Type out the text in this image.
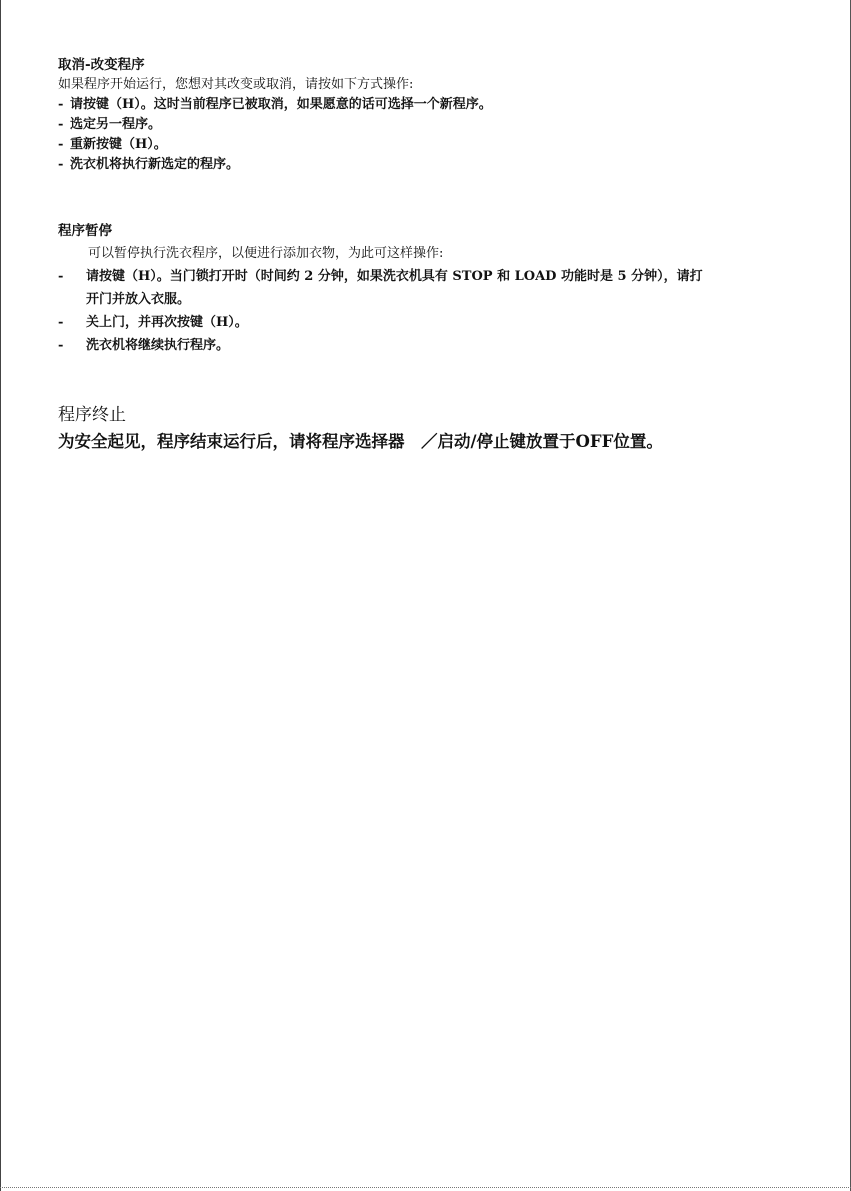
取消-改变程序

如果程序开始运行，您想对其改变或取消，请按如下方式操作:

- 请按键（H）。这时当前程序已被取消，如果愿意的话可选择一个新程序。
- 选定另一程序。
- 重新按键（H）。
- 洗衣机将执行新选定的程序。

程序暂停

可以暂停执行洗衣程序，以便进行添加衣物，为此可这样操作:

-	请按键（H）。当门锁打开时（时间约 2 分钟，如果洗衣机具有 STOP 和 LOAD 功能时是 5 分钟），请打
开门并放入衣服。
-	关上门，并再次按键（H）。
-	洗衣机将继续执行程序。

程序终止

为安全起见，程序结束运行后，请将程序选择器　／启动/停止键放置于OFF位置。
